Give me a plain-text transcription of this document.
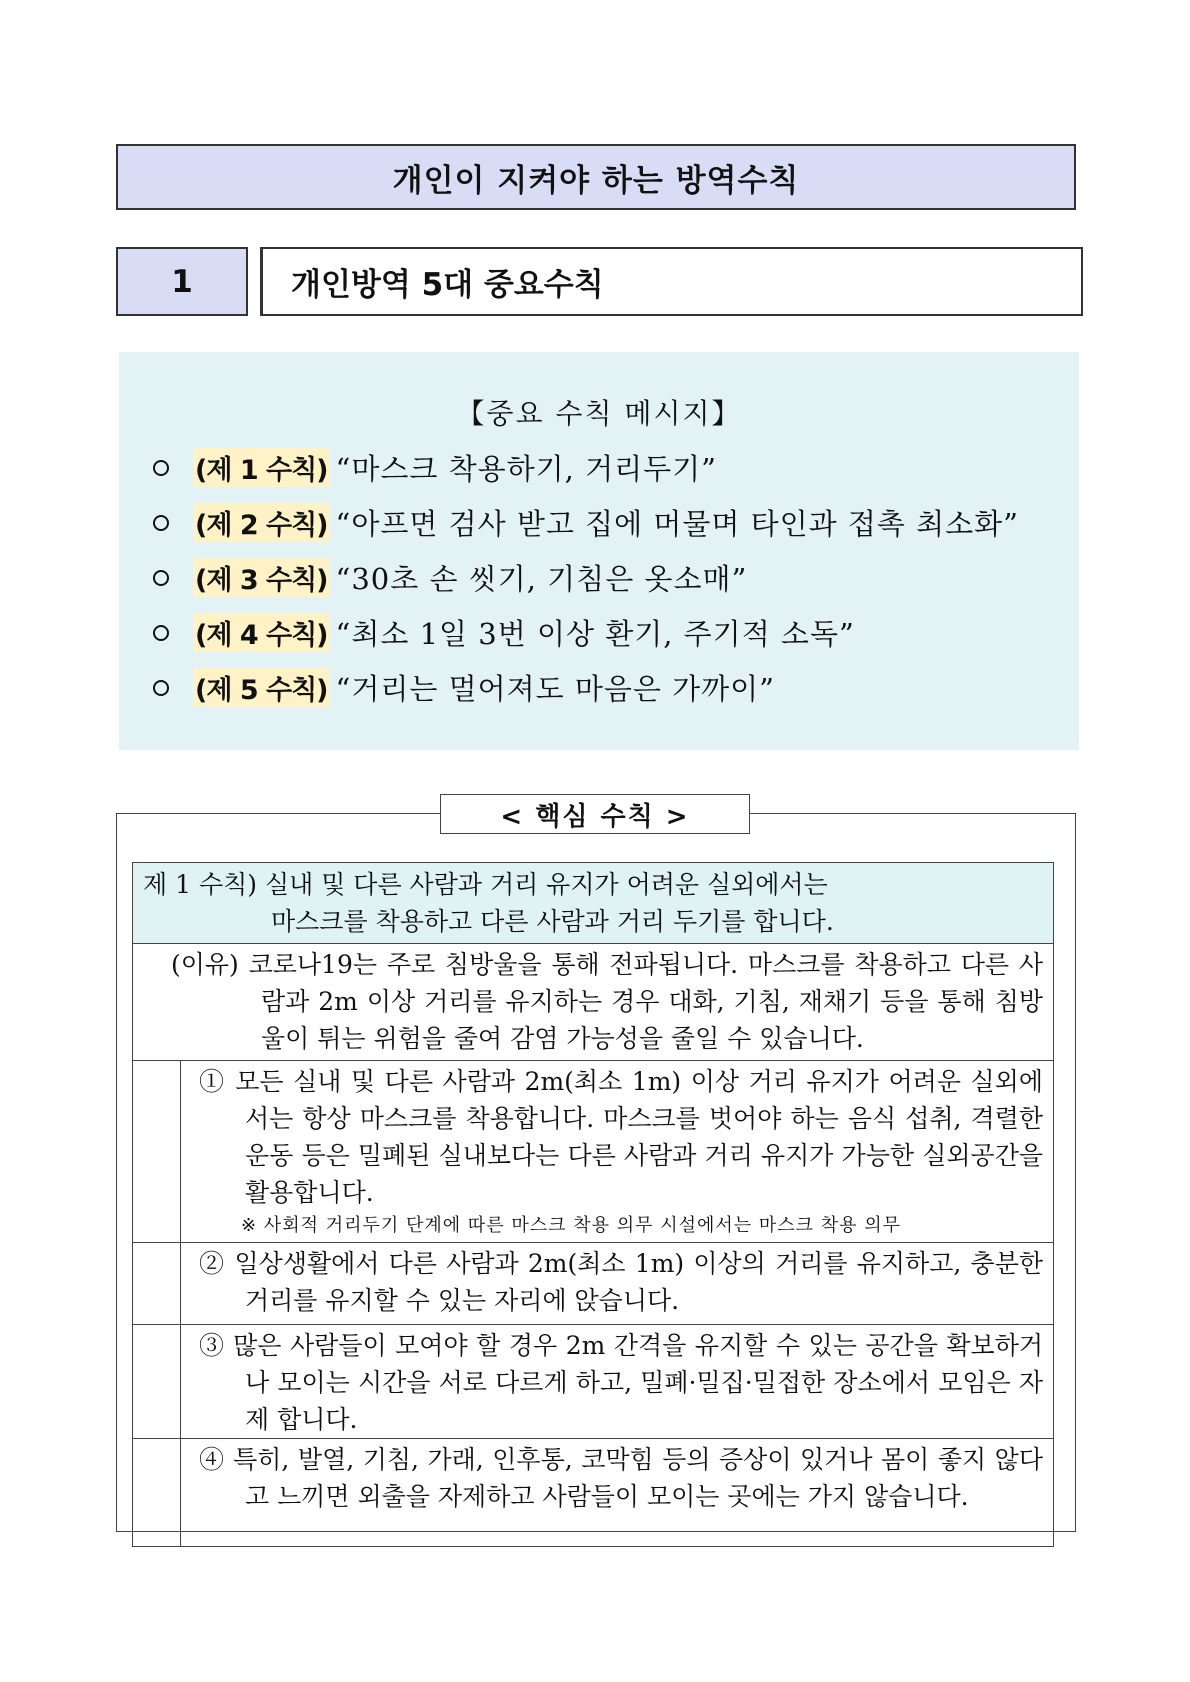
개인이 지켜야 하는 방역수칙
1	개인방역 5대 중요수칙
【중요 수칙 메시지】
(제 1 수칙) “마스크 착용하기, 거리두기”
(제 2 수칙) “아프면 검사 받고 집에 머물며 타인과 접촉 최소화”
(제 3 수칙) “30초 손 씻기, 기침은 옷소매”
(제 4 수칙) “최소 1일 3번 이상 환기, 주기적 소독”
(제 5 수칙) “거리는 멀어져도 마음은 가까이”
< 핵심 수칙 >
제 1 수칙) 실내 및 다른 사람과 거리 유지가 어려운 실외에서는
마스크를 착용하고 다른 사람과 거리 두기를 합니다.	

(이유) 코로나19는 주로 침방울을 통해 전파됩니다. 마스크를 착용하고 다른 사람과 2m 이상 거리를 유지하는 경우 대화, 기침, 재채기 등을 통해 침방울이 튀는 위험을 줄여 감염 가능성을 줄일 수 있습니다.	

	① 모든 실내 및 다른 사람과 2m(최소 1m) 이상 거리 유지가 어려운 실외에서는 항상 마스크를 착용합니다. 마스크를 벗어야 하는 음식 섭취, 격렬한 운동 등은 밀폐된 실내보다는 다른 사람과 거리 유지가 가능한 실외공간을 활용합니다.
※ 사회적 거리두기 단계에 따른 마스크 착용 의무 시설에서는 마스크 착용 의무

	② 일상생활에서 다른 사람과 2m(최소 1m) 이상의 거리를 유지하고, 충분한 거리를 유지할 수 있는 자리에 앉습니다.

	③ 많은 사람들이 모여야 할 경우 2m 간격을 유지할 수 있는 공간을 확보하거나 모이는 시간을 서로 다르게 하고, 밀폐·밀집·밀접한 장소에서 모임은 자제 합니다.

	④ 특히, 발열, 기침, 가래, 인후통, 코막힘 등의 증상이 있거나 몸이 좋지 않다고 느끼면 외출을 자제하고 사람들이 모이는 곳에는 가지 않습니다.
